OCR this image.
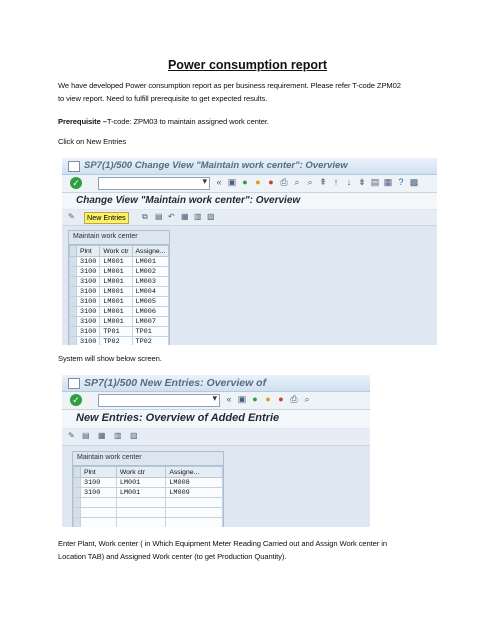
Power consumption report
We have developed Power consumption report as per business requirement. Please refer T-code ZPM02
to view report. Need to fulfill prerequisite to get expected results.
Prerequisite –T-code: ZPM03 to maintain assigned work center.
Click on New Entries
SP7(1)/500 Change View "Maintain work center": Overview
✓ ▾	« ▣ ● ● ● ⎙ ⌕ ⌕ ⇞ ↑ ↓ ⇟ ▤ ▦ ? ▩
Change View "Maintain work center": Overview
✎	New Entries	⧉ ▤ ↶ ▦ ▥ ▧
Maintain work center
	Plnt	Work ctr	Assigne...
	3100	LM001	LM001
	3100	LM001	LM002
	3100	LM001	LM003
	3100	LM001	LM004
	3100	LM001	LM005
	3100	LM001	LM006
	3100	LM001	LM007
	3100	TP01	TP01
	3100	TP02	TP02
System will show below screen.
SP7(1)/500 New Entries: Overview of
✓ ▾	« ▣ ● ● ● ⎙ ⌕
New Entries: Overview of Added Entrie
✎ ▤ ▦ ▥ ▧
Maintain work center
	Plnt	Work ctr	Assigne...
	3100	LM001	LM008
	3100	LM001	LM009

Enter Plant, Work center ( in Which Equipment Meter Reading Carried out and Assign Work center in
Location TAB) and Assigned Work center (to get Production Quantity).
